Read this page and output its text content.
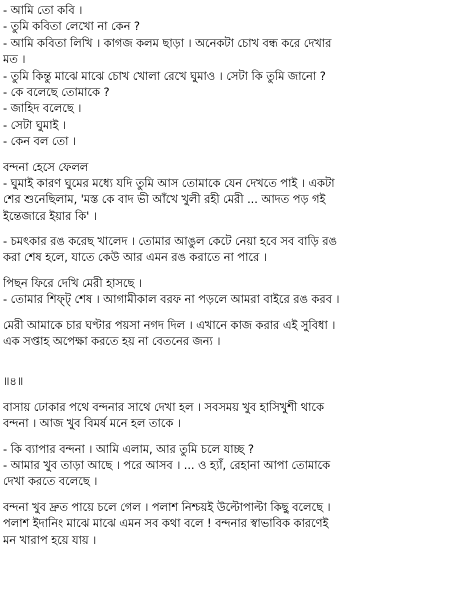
- আমি তো কবি ।
- তুমি কবিতা লেখো না কেন ?
- আমি কবিতা লিখি । কাগজ কলম ছাড়া । অনেকটা চোখ বন্ধ করে দেখার
মত ।
- তুমি কিন্তু মাঝে মাঝে চোখ খোলা রেখে ঘুমাও । সেটা কি তুমি জানো ?
- কে বলেছে তোমাকে ?
- জাহিদ বলেছে ।
- সেটা ঘুমাই ।
- কেন বল তো ।
বন্দনা হেসে ফেলল
- ঘুমাই কারণ ঘুমের মধ্যে যদি তুমি আস তোমাকে যেন দেখতে পাই । একটা
শের শুনেছিলাম, 'মস্ত কে বাদ ভী আঁখে খুলী রহী মেরী ... আদত পড় গই
ইন্তেজারে ইয়ার কি' ।
- চমৎকার রঙ করেছ খালেদ । তোমার আঙুল কেটে নেয়া হবে সব বাড়ি রঙ
করা শেষ হলে, যাতে কেউ আর এমন রঙ করাতে না পারে ।
পিছন ফিরে দেখি মেরী হাসছে ।
- তোমার শিফ্‌ট্‌ শেষ । আগামীকাল বরফ না পড়লে আমরা বাইরে রঙ করব ।
মেরী আমাকে চার ঘণ্টার পয়সা নগদ দিল । এখানে কাজ করার এই সুবিধা ।
এক সপ্তাহ অপেক্ষা করতে হয় না বেতনের জন্য ।
॥৪॥
বাসায় ঢোকার পথে বন্দনার সাথে দেখা হল । সবসময় খুব হাসিখুশী থাকে
বন্দনা । আজ খুব বিমর্ষ মনে হল তাকে ।
- কি ব্যাপার বন্দনা । আমি এলাম, আর তুমি চলে যাচ্ছ ?
- আমার খুব তাড়া আছে । পরে আসব । ... ও হ্যাঁ, রেহানা আপা তোমাকে
দেখা করতে বলেছে ।
বন্দনা খুব দ্রুত পায়ে চলে গেল । পলাশ নিশ্চয়ই উল্টোপাল্টা কিছু বলেছে ।
পলাশ ইদানিং মাঝে মাঝে এমন সব কথা বলে ! বন্দনার স্বাভাবিক কারণেই
মন খারাপ হয়ে যায় ।
